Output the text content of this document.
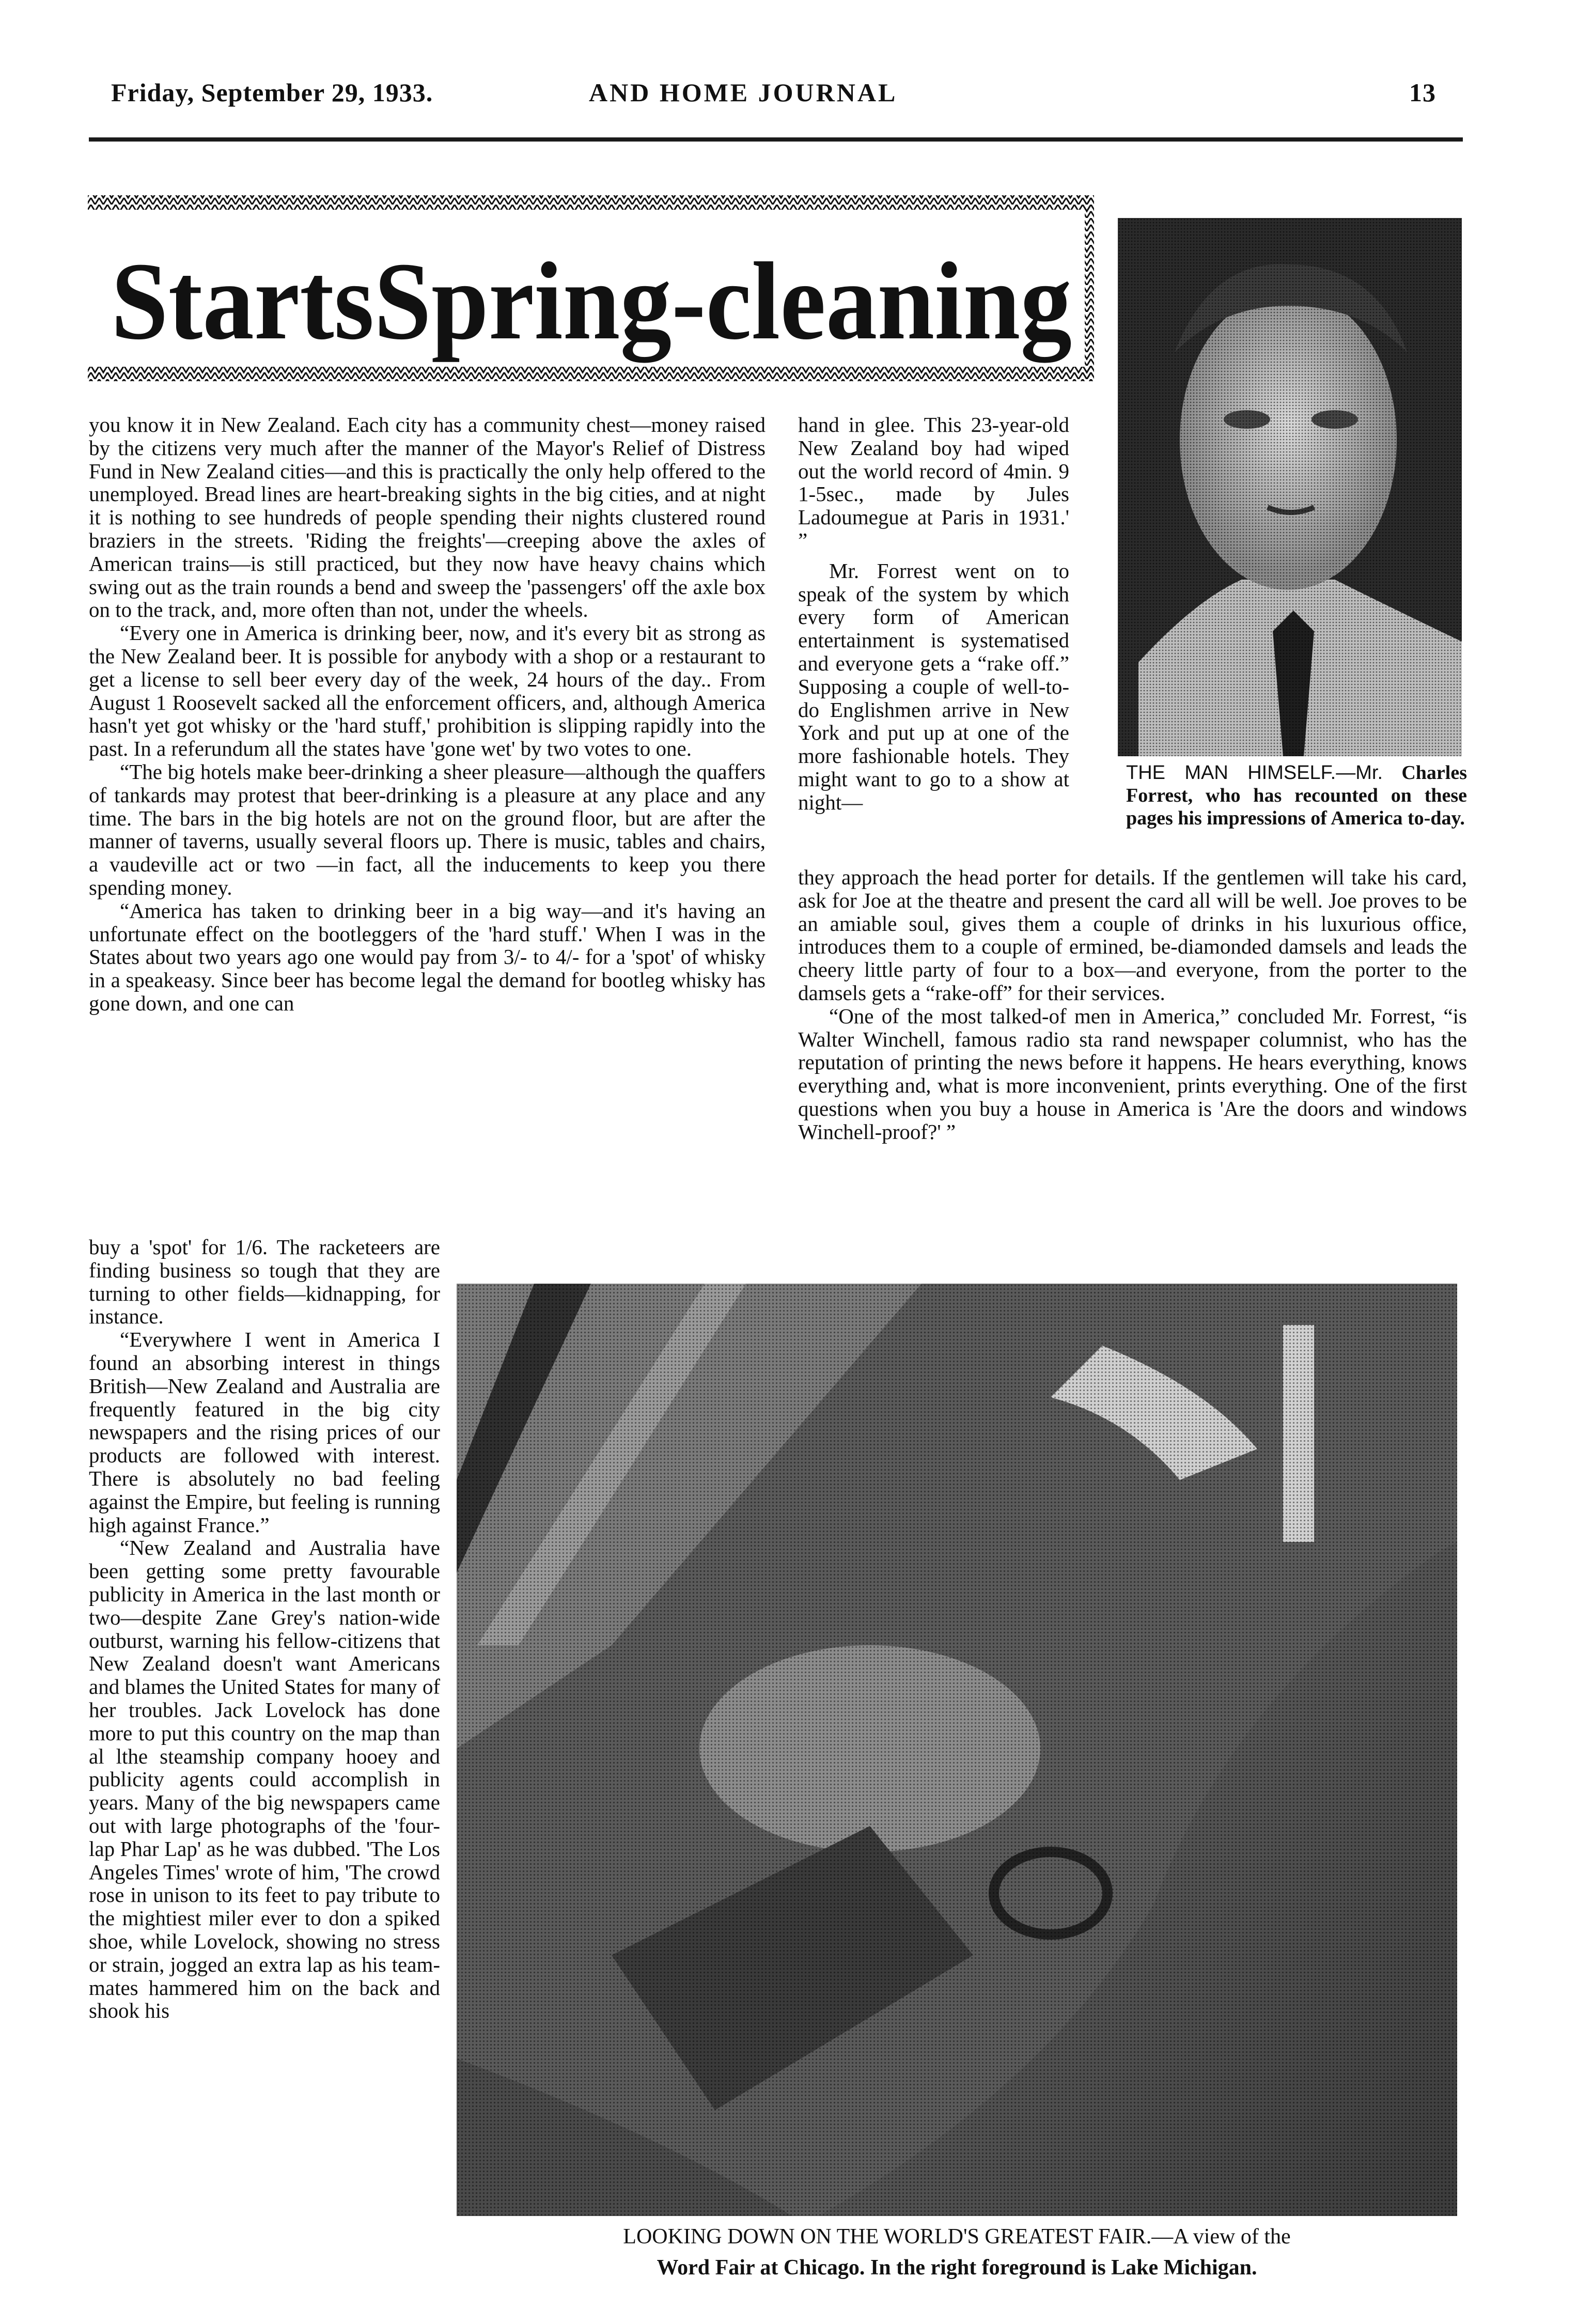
Friday, September 29, 1933.	AND HOME JOURNAL	13
StartsSpring-cleaning

you know it in New Zealand. Each city has a community chest—money raised by the citizens very much after the manner of the Mayor's Relief of Distress Fund in New Zealand cities—and this is practically the only help offered to the unemployed. Bread lines are heart-breaking sights in the big cities, and at night it is nothing to see hundreds of people spending their nights clustered round braziers in the streets. 'Riding the freights'—creeping above the axles of American trains—is still practiced, but they now have heavy chains which swing out as the train rounds a bend and sweep the 'passengers' off the axle box on to the track, and, more often than not, under the wheels.

“Every one in America is drinking beer, now, and it's every bit as strong as the New Zealand beer. It is possible for anybody with a shop or a restaurant to get a license to sell beer every day of the week, 24 hours of the day.. From August 1 Roosevelt sacked all the enforcement officers, and, although America hasn't yet got whisky or the 'hard stuff,' prohibition is slipping rapidly into the past. In a referundum all the states have 'gone wet' by two votes to one.

“The big hotels make beer-drinking a sheer pleasure—although the quaffers of tankards may protest that beer-drinking is a pleasure at any place and any time. The bars in the big hotels are not on the ground floor, but are after the manner of taverns, usually several floors up. There is music, tables and chairs, a vaudeville act or two —in fact, all the inducements to keep you there spending money.

“America has taken to drinking beer in a big way—and it's having an unfortunate effect on the bootleggers of the 'hard stuff.' When I was in the States about two years ago one would pay from 3/- to 4/- for a 'spot' of whisky in a speakeasy. Since beer has become legal the demand for bootleg whisky has gone down, and one can

buy a 'spot' for 1/6. The racketeers are finding business so tough that they are turning to other fields—kidnapping, for instance.

“Everywhere I went in America I found an absorbing interest in things British—New Zealand and Australia are frequently featured in the big city newspapers and the rising prices of our products are followed with interest. There is absolutely no bad feeling against the Empire, but feeling is running high against France.”

“New Zealand and Australia have been getting some pretty favourable publicity in America in the last month or two—despite Zane Grey's nation-wide outburst, warning his fellow-citizens that New Zealand doesn't want Americans and blames the United States for many of her troubles. Jack Lovelock has done more to put this country on the map than al lthe steamship company hooey and publicity agents could accomplish in years. Many of the big newspapers came out with large photographs of the 'four-lap Phar Lap' as he was dubbed. 'The Los Angeles Times' wrote of him, 'The crowd rose in unison to its feet to pay tribute to the mightiest miler ever to don a spiked shoe, while Lovelock, showing no stress or strain, jogged an extra lap as his team-mates hammered him on the back and shook his

hand in glee. This 23-year-old New Zealand boy had wiped out the world record of 4min. 9 1-5sec., made by Jules Ladoumegue at Paris in 1931.' ”

Mr. Forrest went on to speak of the system by which every form of American entertainment is systematised and everyone gets a “rake off.” Supposing a couple of well-to-do Englishmen arrive in New York and put up at one of the more fashionable hotels. They might want to go to a show at night—

they approach the head porter for details. If the gentlemen will take his card, ask for Joe at the theatre and present the card all will be well. Joe proves to be an amiable soul, gives them a couple of drinks in his luxurious office, introduces them to a couple of ermined, be-diamonded damsels and leads the cheery little party of four to a box—and everyone, from the porter to the damsels gets a “rake-off” for their services.

“One of the most talked-of men in America,” concluded Mr. Forrest, “is Walter Winchell, famous radio sta rand newspaper columnist, who has the reputation of printing the news before it happens. He hears everything, knows everything and, what is more inconvenient, prints everything. One of the first questions when you buy a house in America is 'Are the doors and windows Winchell-proof?' ”

THE MAN HIMSELF.—Mr. Charles Forrest, who has recounted on these pages his impressions of America to-day.
LOOKING DOWN ON THE WORLD'S GREATEST FAIR.—A view of the
Word Fair at Chicago. In the right foreground is Lake Michigan.
